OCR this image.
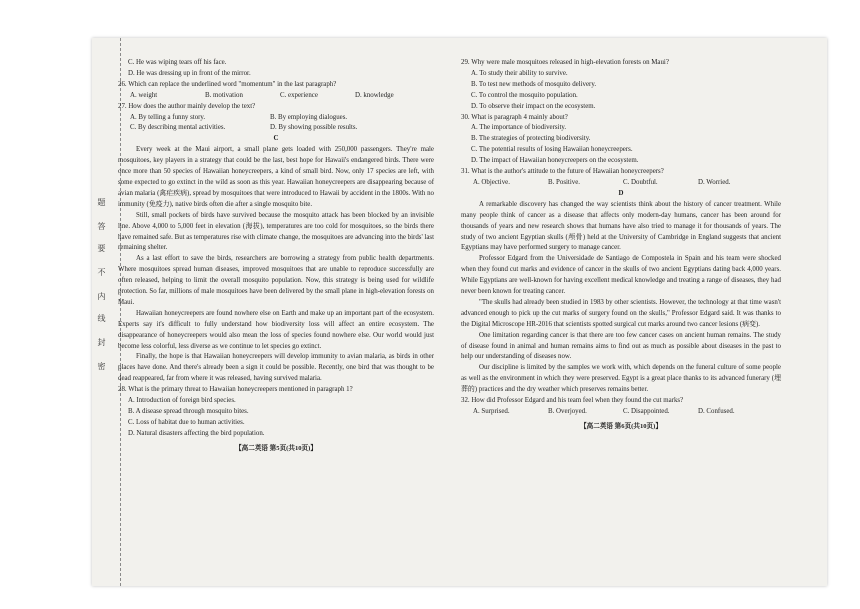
题
答
要
不
内
线
封
密
C. He was wiping tears off his face.
D. He was dressing up in front of the mirror.
26. Which can replace the underlined word "momentum" in the last paragraph?
A. weight	B. motivation	C. experience	D. knowledge
27. How does the author mainly develop the text?
A. By telling a funny story.	B. By employing dialogues.
C. By describing mental activities.	D. By showing possible results.
C
Every week at the Maui airport, a small plane gets loaded with 250,000 passengers. They're male mosquitoes, key players in a strategy that could be the last, best hope for Hawaii's endangered birds. There were once more than 50 species of Hawaiian honeycreepers, a kind of small bird. Now, only 17 species are left, with some expected to go extinct in the wild as soon as this year. Hawaiian honeycreepers are disappearing because of avian malaria (禽疟疾病), spread by mosquitoes that were introduced to Hawaii by accident in the 1800s. With no immunity (免疫力), native birds often die after a single mosquito bite.
Still, small pockets of birds have survived because the mosquito attack has been blocked by an invisible line. Above 4,000 to 5,000 feet in elevation (海拔), temperatures are too cold for mosquitoes, so the birds there have remained safe. But as temperatures rise with climate change, the mosquitoes are advancing into the birds' last remaining shelter.
As a last effort to save the birds, researchers are borrowing a strategy from public health departments. Where mosquitoes spread human diseases, improved mosquitoes that are unable to reproduce successfully are often released, helping to limit the overall mosquito population. Now, this strategy is being used for wildlife protection. So far, millions of male mosquitoes have been delivered by the small plane in high-elevation forests on Maui.
Hawaiian honeycreepers are found nowhere else on Earth and make up an important part of the ecosystem. Experts say it's difficult to fully understand how biodiversity loss will affect an entire ecosystem. The disappearance of honeycreepers would also mean the loss of species found nowhere else. Our world would just become less colorful, less diverse as we continue to let species go extinct.
Finally, the hope is that Hawaiian honeycreepers will develop immunity to avian malaria, as birds in other places have done. And there's already been a sign it could be possible. Recently, one bird that was thought to be dead reappeared, far from where it was released, having survived malaria.
28. What is the primary threat to Hawaiian honeycreepers mentioned in paragraph 1?
A. Introduction of foreign bird species.
B. A disease spread through mosquito bites.
C. Loss of habitat due to human activities.
D. Natural disasters affecting the bird population.
【高二英语 第5页(共10页)】
29. Why were male mosquitoes released in high-elevation forests on Maui?
A. To study their ability to survive.
B. To test new methods of mosquito delivery.
C. To control the mosquito population.
D. To observe their impact on the ecosystem.
30. What is paragraph 4 mainly about?
A. The importance of biodiversity.
B. The strategies of protecting biodiversity.
C. The potential results of losing Hawaiian honeycreepers.
D. The impact of Hawaiian honeycreepers on the ecosystem.
31. What is the author's attitude to the future of Hawaiian honeycreepers?
A. Objective.	B. Positive.	C. Doubtful.	D. Worried.
D
A remarkable discovery has changed the way scientists think about the history of cancer treatment. While many people think of cancer as a disease that affects only modern-day humans, cancer has been around for thousands of years and new research shows that humans have also tried to manage it for thousands of years. The study of two ancient Egyptian skulls (颅骨) held at the University of Cambridge in England suggests that ancient Egyptians may have performed surgery to manage cancer.
Professor Edgard from the Universidade de Santiago de Compostela in Spain and his team were shocked when they found cut marks and evidence of cancer in the skulls of two ancient Egyptians dating back 4,000 years. While Egyptians are well-known for having excellent medical knowledge and treating a range of diseases, they had never been known for treating cancer.
"The skulls had already been studied in 1983 by other scientists. However, the technology at that time wasn't advanced enough to pick up the cut marks of surgery found on the skulls," Professor Edgard said. It was thanks to the Digital Microscope HR-2016 that scientists spotted surgical cut marks around two cancer lesions (病变).
One limitation regarding cancer is that there are too few cancer cases on ancient human remains. The study of disease found in animal and human remains aims to find out as much as possible about diseases in the past to help our understanding of diseases now.
Our discipline is limited by the samples we work with, which depends on the funeral culture of some people as well as the environment in which they were preserved. Egypt is a great place thanks to its advanced funerary (埋葬的) practices and the dry weather which preserves remains better.
32. How did Professor Edgard and his team feel when they found the cut marks?
A. Surprised.	B. Overjoyed.	C. Disappointed.	D. Confused.
【高二英语 第6页(共10页)】
